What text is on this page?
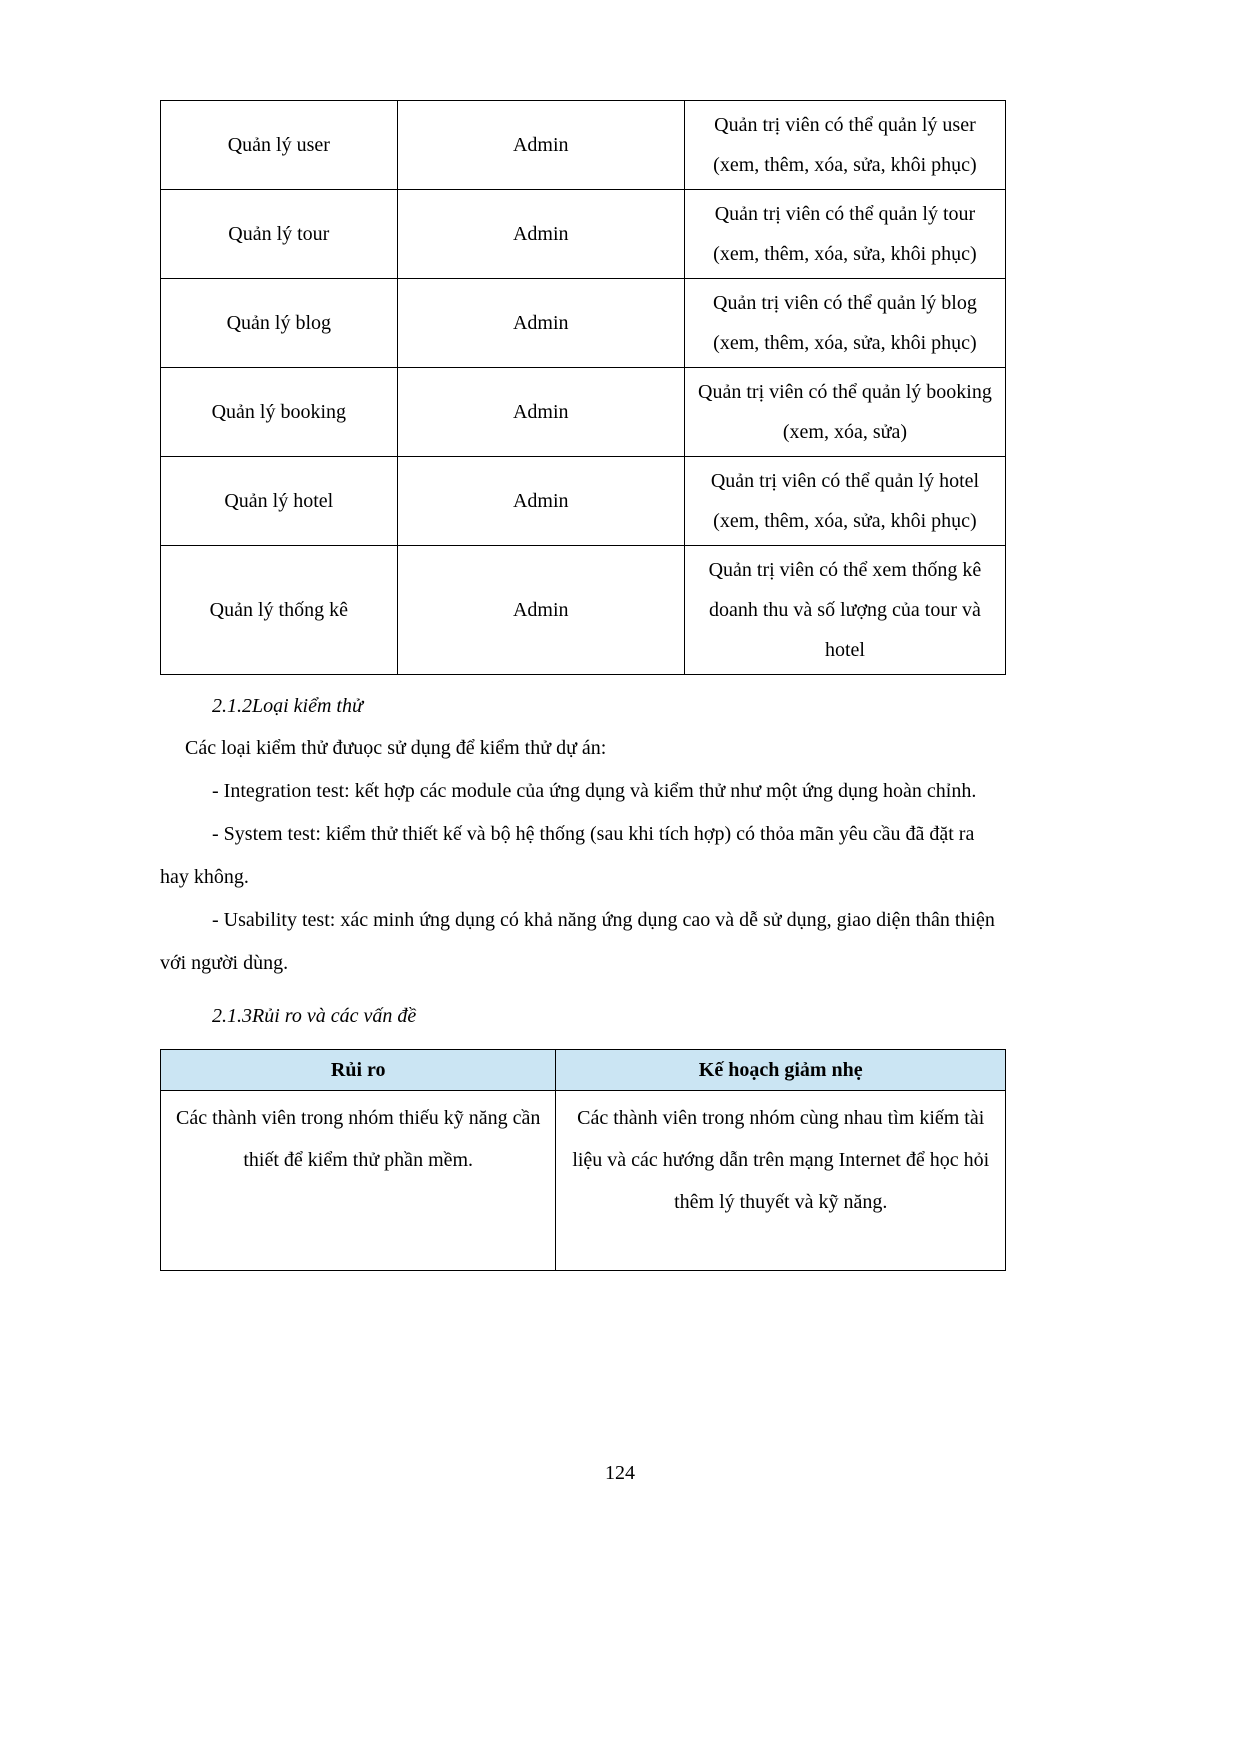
Quản lý user	Admin	Quản trị viên có thể quản lý user (xem, thêm, xóa, sửa, khôi phục)
Quản lý tour	Admin	Quản trị viên có thể quản lý tour (xem, thêm, xóa, sửa, khôi phục)
Quản lý blog	Admin	Quản trị viên có thể quản lý blog (xem, thêm, xóa, sửa, khôi phục)
Quản lý booking	Admin	Quản trị viên có thể quản lý booking (xem, xóa, sửa)
Quản lý hotel	Admin	Quản trị viên có thể quản lý hotel (xem, thêm, xóa, sửa, khôi phục)
Quản lý thống kê	Admin	Quản trị viên có thể xem thống kê doanh thu và số lượng của tour và hotel

2.1.2Loại kiểm thử

Các loại kiểm thử đưuọc sử dụng để kiểm thử dự án:

- Integration test: kết hợp các module của ứng dụng và kiểm thử như một ứng dụng hoàn chỉnh.

- System test: kiểm thử thiết kế và bộ hệ thống (sau khi tích hợp) có thỏa mãn yêu cầu đã đặt ra hay không.

- Usability test: xác minh ứng dụng có khả năng ứng dụng cao và dễ sử dụng, giao diện thân thiện với người dùng.

2.1.3Rủi ro và các vấn đề

Rủi ro	Kế hoạch giảm nhẹ
Các thành viên trong nhóm thiếu kỹ năng cần thiết để kiểm thử phần mềm.	Các thành viên trong nhóm cùng nhau tìm kiếm tài liệu và các hướng dẫn trên mạng Internet để học hỏi thêm lý thuyết và kỹ năng.
124
